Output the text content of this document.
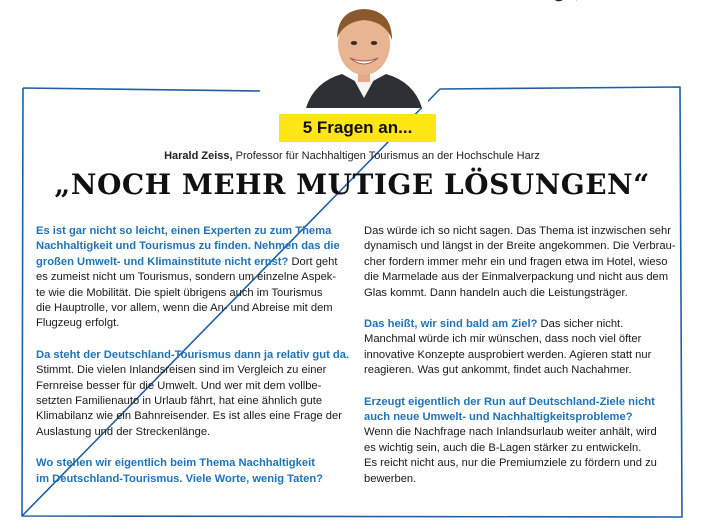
5 Fragen an...
Harald Zeiss, Professor für Nachhaltigen Tourismus an der Hochschule Harz
„NOCH MEHR MUTIGE LÖSUNGEN“

Es ist gar nicht so leicht, einen Experten zu zum Thema
Nachhaltigkeit und Tourismus zu finden. Nehmen das die
großen Umwelt- und Klimainstitute nicht ernst? Dort geht
es zumeist nicht um Tourismus, sondern um einzelne Aspek-
te wie die Mobilität. Die spielt übrigens auch im Tourismus
die Hauptrolle, vor allem, wenn die An- und Abreise mit dem
Flugzeug erfolgt.

Da steht der Deutschland-Tourismus dann ja relativ gut da.
Stimmt. Die vielen Inlandsreisen sind im Vergleich zu einer
Fernreise besser für die Umwelt. Und wer mit dem vollbe-
setzten Familienauto in Urlaub fährt, hat eine ähnlich gute
Klimabilanz wie ein Bahnreisender. Es ist alles eine Frage der
Auslastung und der Streckenlänge.

Wo stehen wir eigentlich beim Thema Nachhaltigkeit
im Deutschland-Tourismus. Viele Worte, wenig Taten?

Das würde ich so nicht sagen. Das Thema ist inzwischen sehr
dynamisch und längst in der Breite angekommen. Die Verbrau-
cher fordern immer mehr ein und fragen etwa im Hotel, wieso
die Marmelade aus der Einmalverpackung und nicht aus dem
Glas kommt. Dann handeln auch die Leistungsträger.

Das heißt, wir sind bald am Ziel? Das sicher nicht.
Manchmal würde ich mir wünschen, dass noch viel öfter
innovative Konzepte ausprobiert werden. Agieren statt nur
reagieren. Was gut ankommt, findet auch Nachahmer.

Erzeugt eigentlich der Run auf Deutschland-Ziele nicht
auch neue Umwelt- und Nachhaltigkeitsprobleme?
Wenn die Nachfrage nach Inlandsurlaub weiter anhält, wird
es wichtig sein, auch die B-Lagen stärker zu entwickeln.
Es reicht nicht aus, nur die Premiumziele zu fördern und zu
bewerben.
